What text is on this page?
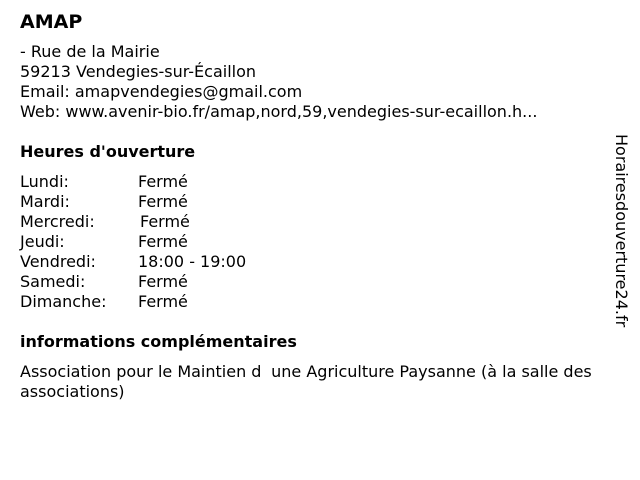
AMAP
- Rue de la Mairie
59213 Vendegies-sur-Écaillon
Email: amapvendegies@gmail.com
Web: www.avenir-bio.fr/amap,nord,59,vendegies-sur-ecaillon.h...
Heures d'ouverture
Lundi:	Fermé
Mardi:	Fermé
Mercredi:	Fermé
Jeudi:	Fermé
Vendredi:	18:00 - 19:00
Samedi:	Fermé
Dimanche:	Fermé
informations complémentaires
Association pour le Maintien dune Agriculture Paysanne (à la salle des associations)
Horairesdouverture24.fr
